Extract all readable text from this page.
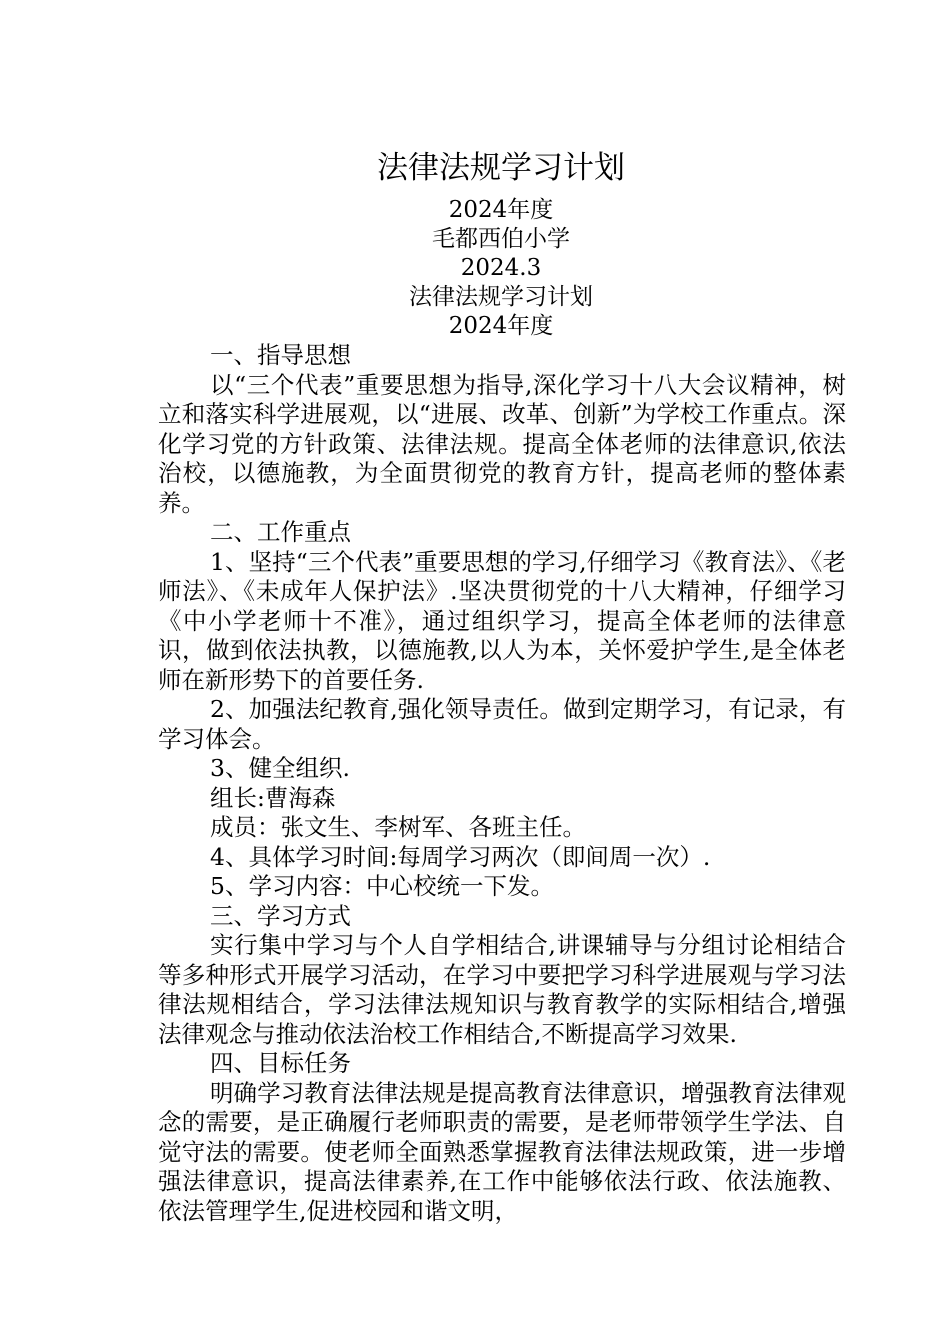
法律法规学习计划
2024年度
毛都西伯小学
2024.3
法律法规学习计划
2024年度

一、指导思想

以“三个代表”重要思想为指导,深化学习十八大会议精神，树立和落实科学进展观，以“进展、改革、创新”为学校工作重点。深化学习党的方针政策、法律法规。提高全体老师的法律意识,依法治校，以德施教，为全面贯彻党的教育方针，提高老师的整体素养。

二、工作重点

1、坚持“三个代表”重要思想的学习,仔细学习《教育法》、《老师法》、《未成年人保护法》.坚决贯彻党的十八大精神，仔细学习《中小学老师十不准》，通过组织学习，提高全体老师的法律意识，做到依法执教，以德施教,以人为本，关怀爱护学生,是全体老师在新形势下的首要任务.

2、加强法纪教育,强化领导责任。做到定期学习，有记录，有学习体会。

3、健全组织.

组长:曹海森

成员：张文生、李树军、各班主任。

4、具体学习时间:每周学习两次（即间周一次）.

5、学习内容：中心校统一下发。

三、学习方式

实行集中学习与个人自学相结合,讲课辅导与分组讨论相结合等多种形式开展学习活动，在学习中要把学习科学进展观与学习法律法规相结合，学习法律法规知识与教育教学的实际相结合,增强法律观念与推动依法治校工作相结合,不断提高学习效果.

四、目标任务

明确学习教育法律法规是提高教育法律意识，增强教育法律观念的需要，是正确履行老师职责的需要，是老师带领学生学法、自觉守法的需要。使老师全面熟悉掌握教育法律法规政策，进一步增强法律意识，提高法律素养,在工作中能够依法行政、依法施教、依法管理学生,促进校园和谐文明，
